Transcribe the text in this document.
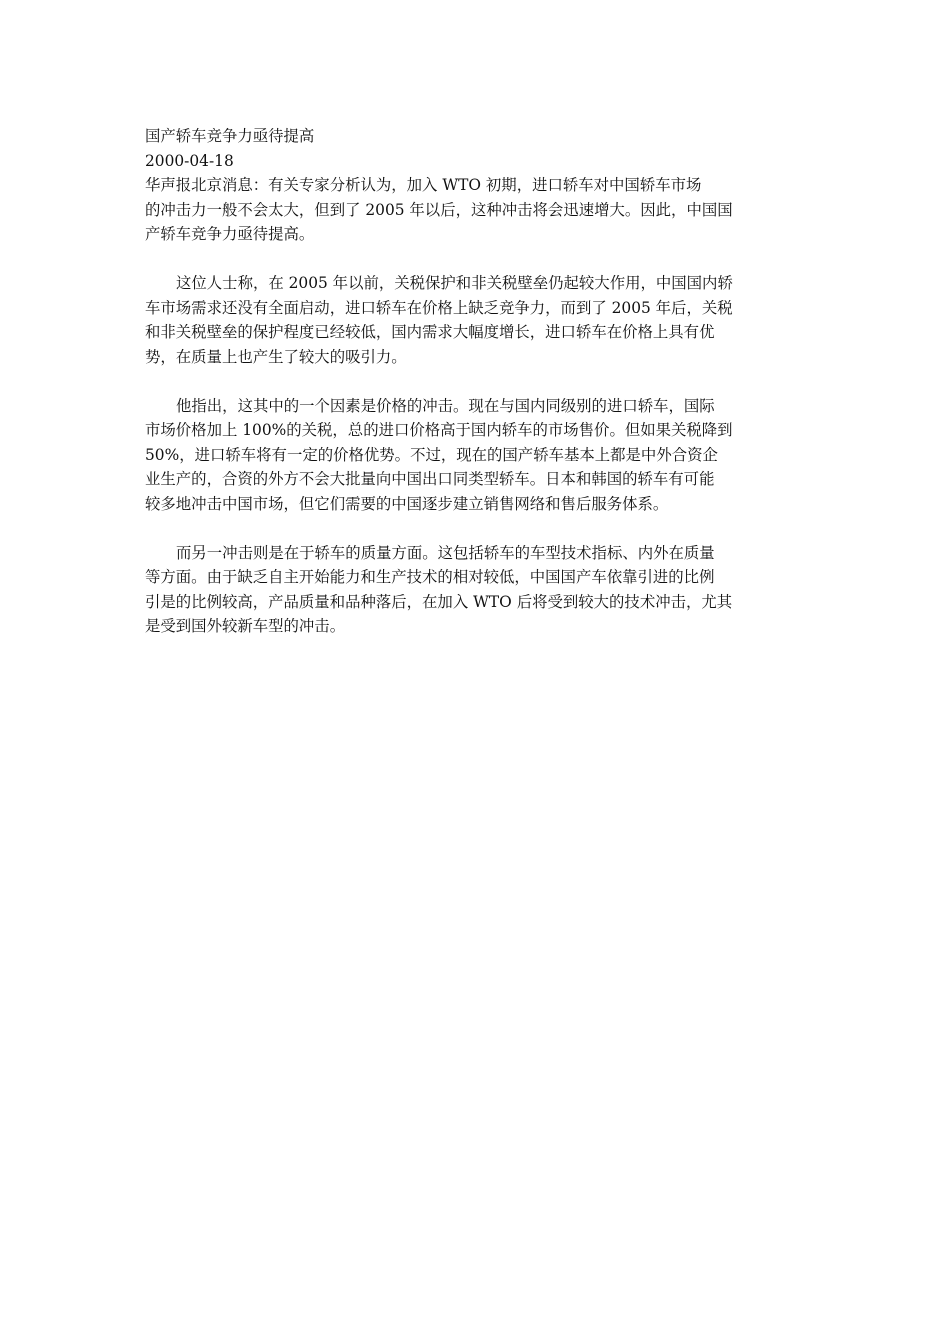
国产轿车竞争力亟待提高
2000-04-18
华声报北京消息：有关专家分析认为，加入 WTO 初期，进口轿车对中国轿车市场
的冲击力一般不会太大，但到了 2005 年以后，这种冲击将会迅速增大。因此，中国国
产轿车竞争力亟待提高。
这位人士称，在 2005 年以前，关税保护和非关税壁垒仍起较大作用，中国国内轿
车市场需求还没有全面启动，进口轿车在价格上缺乏竞争力，而到了 2005 年后，关税
和非关税壁垒的保护程度已经较低，国内需求大幅度增长，进口轿车在价格上具有优
势，在质量上也产生了较大的吸引力。
他指出，这其中的一个因素是价格的冲击。现在与国内同级别的进口轿车，国际
市场价格加上 100%的关税，总的进口价格高于国内轿车的市场售价。但如果关税降到
50%，进口轿车将有一定的价格优势。不过，现在的国产轿车基本上都是中外合资企
业生产的，合资的外方不会大批量向中国出口同类型轿车。日本和韩国的轿车有可能
较多地冲击中国市场，但它们需要的中国逐步建立销售网络和售后服务体系。
而另一冲击则是在于轿车的质量方面。这包括轿车的车型技术指标、内外在质量
等方面。由于缺乏自主开始能力和生产技术的相对较低，中国国产车依靠引进的比例
引是的比例较高，产品质量和品种落后，在加入 WTO 后将受到较大的技术冲击，尤其
是受到国外较新车型的冲击。
